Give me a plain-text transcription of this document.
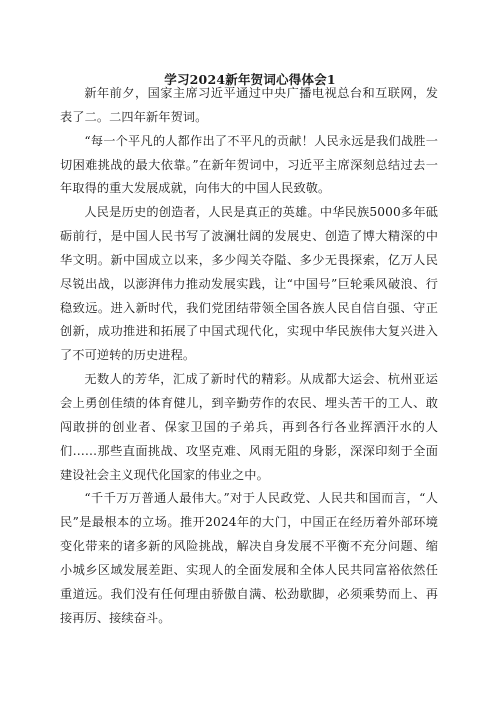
学习2024新年贺词心得体会1

新年前夕，国家主席习近平通过中央广播电视总台和互联网，发表了二。二四年新年贺词。

“每一个平凡的人都作出了不平凡的贡献！人民永远是我们战胜一切困难挑战的最大依靠。”在新年贺词中，习近平主席深刻总结过去一年取得的重大发展成就，向伟大的中国人民致敬。

人民是历史的创造者，人民是真正的英雄。中华民族5000多年砥砺前行，是中国人民书写了波澜壮阔的发展史、创造了博大精深的中华文明。新中国成立以来，多少闯关夺隘、多少无畏探索，亿万人民尽锐出战，以澎湃伟力推动发展实践，让“中国号”巨轮乘风破浪、行稳致远。进入新时代，我们党团结带领全国各族人民自信自强、守正创新，成功推进和拓展了中国式现代化，实现中华民族伟大复兴进入了不可逆转的历史进程。

无数人的芳华，汇成了新时代的精彩。从成都大运会、杭州亚运会上勇创佳绩的体育健儿，到辛勤劳作的农民、埋头苦干的工人、敢闯敢拼的创业者、保家卫国的子弟兵，再到各行各业挥洒汗水的人们……那些直面挑战、攻坚克难、风雨无阻的身影，深深印刻于全面建设社会主义现代化国家的伟业之中。

“千千万万普通人最伟大。”对于人民政党、人民共和国而言，“人民”是最根本的立场。推开2024年的大门，中国正在经历着外部环境变化带来的诸多新的风险挑战，解决自身发展不平衡不充分问题、缩小城乡区域发展差距、实现人的全面发展和全体人民共同富裕依然任重道远。我们没有任何理由骄傲自满、松劲歇脚，必须乘势而上、再接再厉、接续奋斗。
